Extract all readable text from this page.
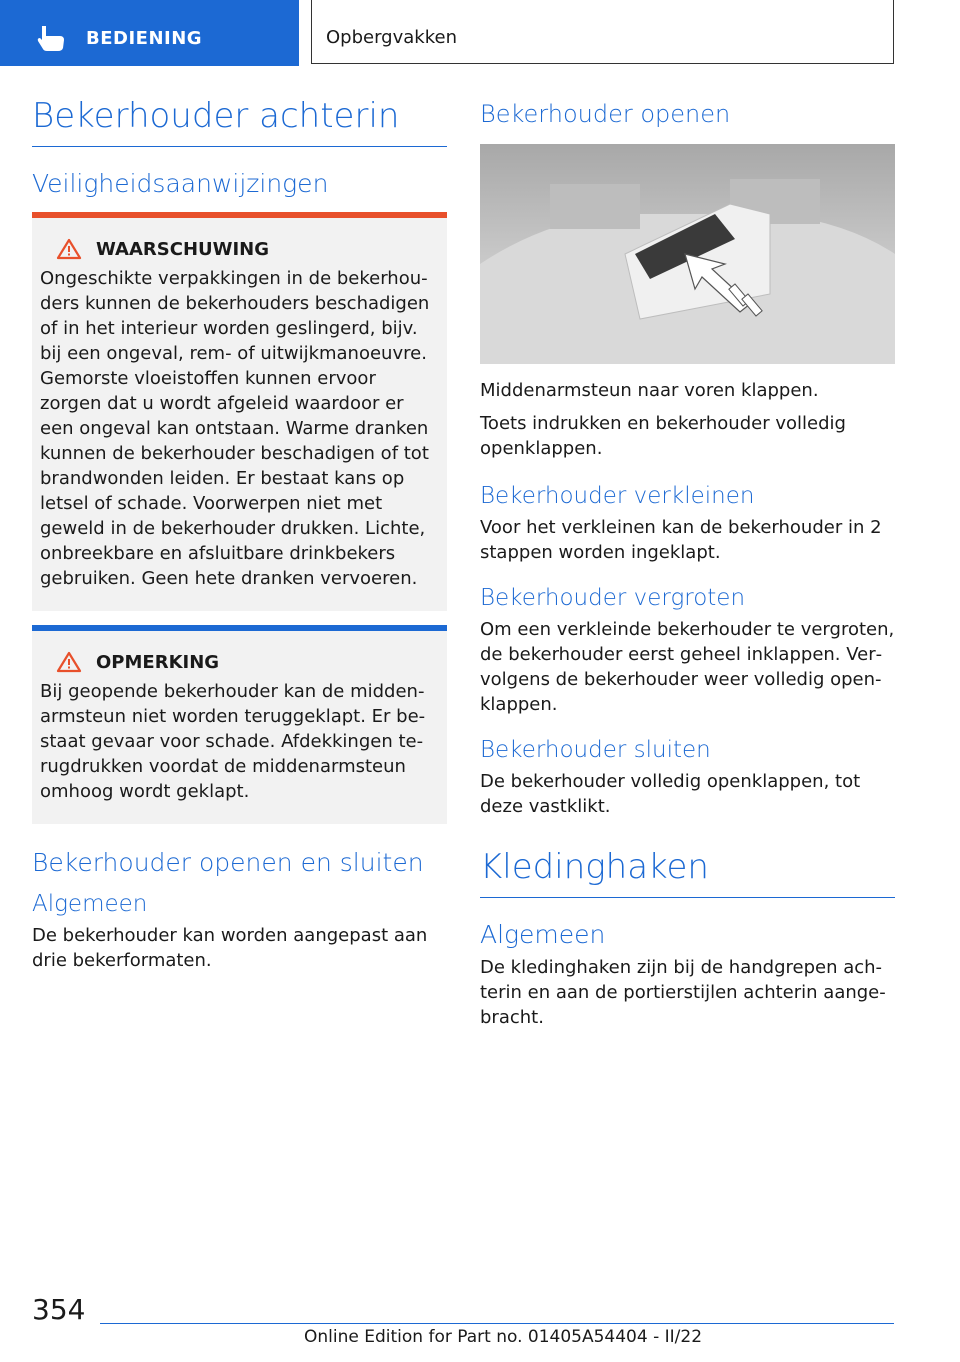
BEDIENING	Opbergvakken
Bekerhouder achterin
Veiligheidsaanwijzingen
WAARSCHUWING

Ongeschikte verpakkingen in de bekerhouders kunnen de bekerhouders beschadigen of in het interieur worden geslingerd, bijv. bij een ongeval, rem- of uitwijkmanoeuvre. Gemorste vloeistoffen kunnen ervoor zorgen dat u wordt afgeleid waardoor er een ongeval kan ontstaan. Warme dranken kunnen de bekerhouder beschadigen of tot brandwonden leiden. Er bestaat kans op letsel of schade. Voorwerpen niet met geweld in de bekerhouder drukken. Lichte, onbreekbare en afsluitbare drinkbekers gebruiken. Geen hete dranken vervoeren.

OPMERKING

Bij geopende bekerhouder kan de middenarmsteun niet worden teruggeklapt. Er bestaat gevaar voor schade. Afdekkingen terugdrukken voordat de middenarmsteun omhoog wordt geklapt.

Bekerhouder openen en sluiten
Algemeen

De bekerhouder kan worden aangepast aan drie bekerformaten.

Bekerhouder openen

Middenarmsteun naar voren klappen.

Toets indrukken en bekerhouder volledig openklappen.

Bekerhouder verkleinen

Voor het verkleinen kan de bekerhouder in 2 stappen worden ingeklapt.

Bekerhouder vergroten

Om een verkleinde bekerhouder te vergroten, de bekerhouder eerst geheel inklappen. Vervolgens de bekerhouder weer volledig openklappen.

Bekerhouder sluiten

De bekerhouder volledig openklappen, tot deze vastklikt.

Kledinghaken
Algemeen

De kledinghaken zijn bij de handgrepen achterin en aan de portierstijlen achterin aangebracht.

354
Online Edition for Part no. 01405A54404 - II/22
